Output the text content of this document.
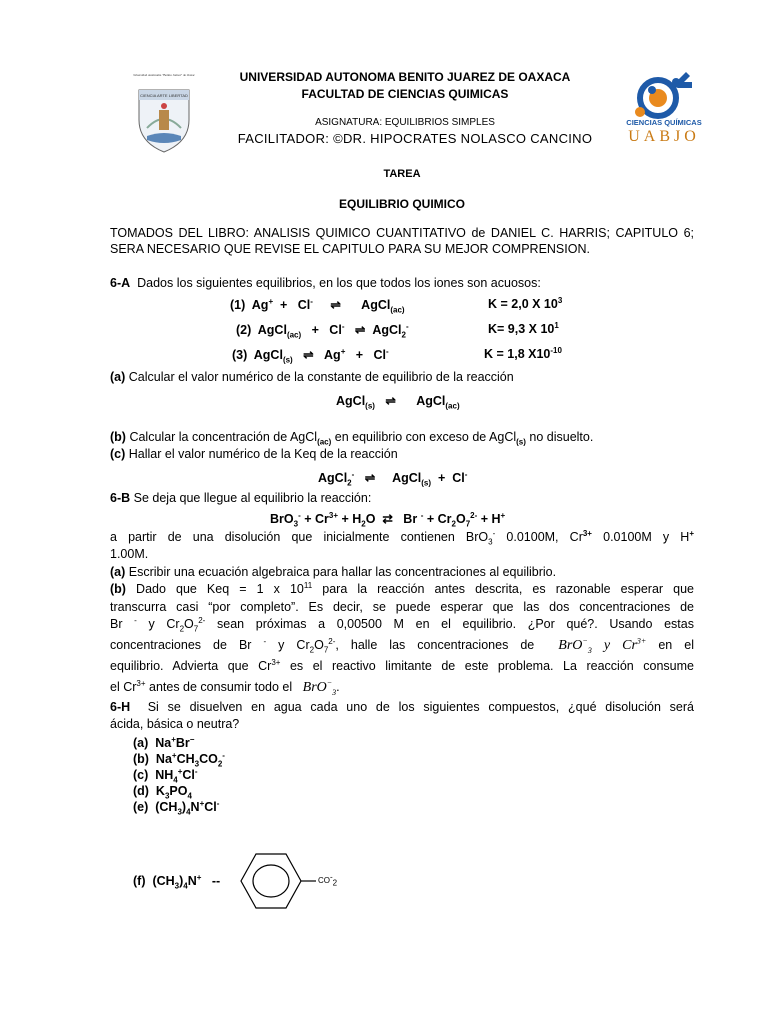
Universidad Autónoma "Benito Juárez" de Oaxaca
CIENCIA ARTE LIBERTAD
UNIVERSIDAD AUTONOMA BENITO JUAREZ DE OAXACA
FACULTAD DE CIENCIAS QUIMICAS
ASIGNATURA: EQUILIBRIOS SIMPLES
FACILITADOR: ©DR. HIPOCRATES NOLASCO CANCINO
CIENCIAS QUÍMICAS
UABJO
TAREA
EQUILIBRIO QUIMICO
TOMADOS DEL LIBRO: ANALISIS QUIMICO CUANTITATIVO de DANIEL C. HARRIS; CAPITULO 6;
SERA NECESARIO QUE REVISE EL CAPITULO PARA SU MEJOR COMPRENSION.
6-A Dados los siguientes equilibrios, en los que todos los iones son acuosos:
(1)  Ag+  +   Cl-     ⇌      AgCl$_{(ac)}$	K = 2,0 X $10^3$
(2)  AgCl$_{(ac)}$   +   Cl-   ⇌  AgCl$_2$-	K= 9,3 X $10^1$
(3)  AgCl$_{(s)}$   ⇌   Ag+   +   Cl-	K = 1,8 $X10^{-10}$
(a) Calcular el valor numérico de la constante de equilibrio de la reacción
AgCl$_{(s)}$   ⇌      AgCl$_{(ac)}$
(b) Calcular la concentración de AgCl$_{(ac)}$ en equilibrio con exceso de AgCl$_{(s)}$ no disuelto.
(c) Hallar el valor numérico de la Keq de la reacción
AgCl$_2$-   ⇌     AgCl$_{(s)}$  +  Cl-
6-B Se deja que llegue al equilibrio la reacción:
$BrO_3^- + Cr^{3+} + H_2O$  ⇄   Br $^- + Cr_2O_7^{2-} + H^+$
a partir de una disolución que inicialmente contienen BrO$_3$- 0.0100M, $Cr^{3+}$ 0.0100M y H+
1.00M.
(a) Escribir una ecuación algebraica para hallar las concentraciones al equilibrio.
(b) Dado que Keq = 1 x $10^{11}$ para la reacción antes descrita, es razonable esperar que
transcurra casi “por completo”. Es decir, se puede esperar que las dos concentraciones de
Br - y $Cr_2O_7^{2-}$ sean próximas a 0,00500 M en el equilibrio. ¿Por qué?. Usando estas
concentraciones de Br - y $Cr_2O_7^{2-}$, halle las concentraciones de  BrO−$_3$ y $Cr^{3+}$ en el
equilibrio. Advierta que $Cr^{3+}$ es el reactivo limitante de este problema. La reacción consume
el $Cr^{3+}$ antes de consumir todo el   BrO−$_3$.
6-H Si se disuelven en agua cada uno de los siguientes compuestos, ¿qué disolución será
ácida, básica o neutra?
(a)  Na+Br−
(b)  $Na^+CH_3CO_2^-$
(c)  $NH_4^+Cl^-$
(d)  $K_3PO_4$
(e)  $(CH_3)_4N^+Cl^-$
(f)  $(CH_3)_4N^+$ --	$CO^-_2$
